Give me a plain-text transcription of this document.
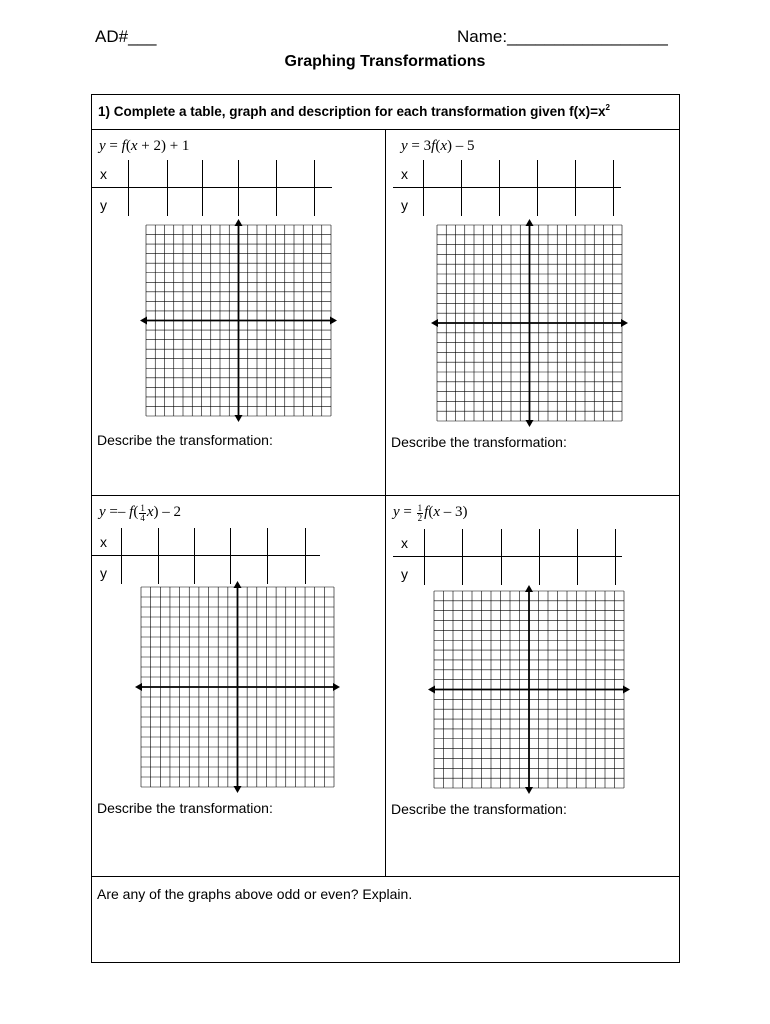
AD#___	Name:_________________
Graphing Transformations
1) Complete a table, graph and description for each transformation given $f(x)=x^2$
y = f(x + 2) + 1
x
y
Describe the transformation:
y = 3f(x) – 5
x
y
Describe the transformation:
$y =- f( \frac{1}{4} x) - 2$
x
y
Describe the transformation:
$y = \frac{1}{2} f(x - 3)$
x
y
Describe the transformation:
Are any of the graphs above odd or even? Explain.
